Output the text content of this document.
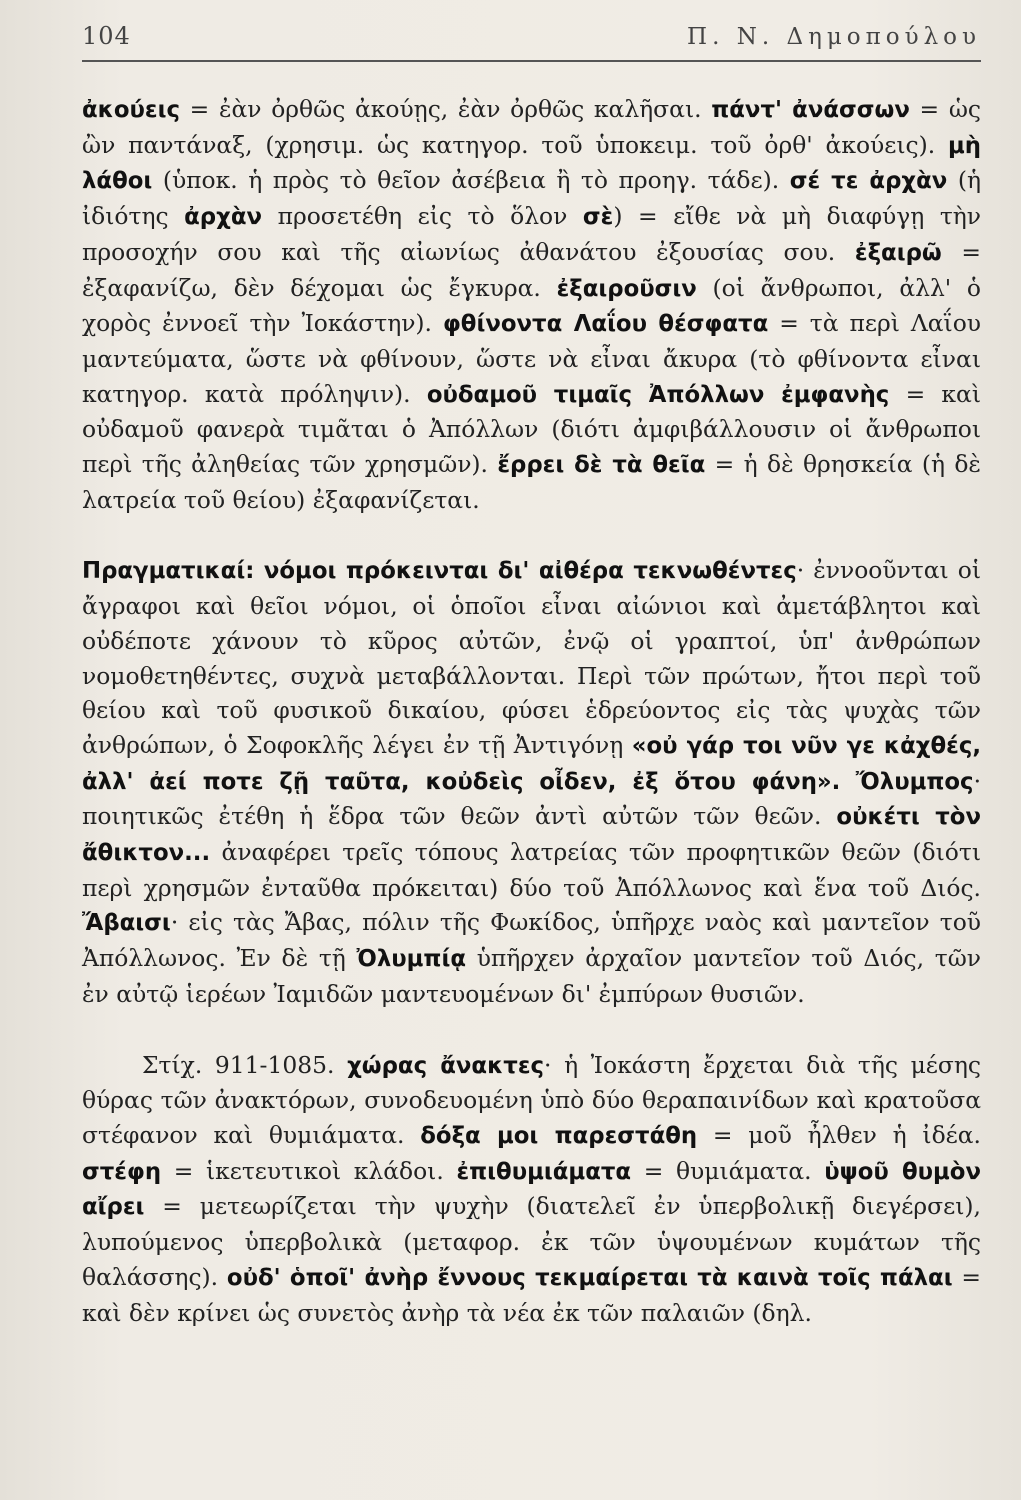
104	Π. Ν. Δημοπούλου

ἀκούεις = ἐὰν ὀρθῶς ἀκούῃς, ἐὰν ὀρθῶς καλῆσαι. πάντ' ἀνάσσων = ὡς ὢν παντάναξ, (χρησιμ. ὡς κατηγορ. τοῦ ὑποκειμ. τοῦ ὀρθ' ἀκούεις). μὴ λάθοι (ὑποκ. ἡ πρὸς τὸ θεῖον ἀσέβεια ἢ τὸ προηγ. τάδε). σέ τε ἀρχὰν (ἡ ἰδιότης ἀρχὰν προσετέθη εἰς τὸ ὅλον σὲ) = εἴθε νὰ μὴ διαφύγῃ τὴν προσοχήν σου καὶ τῆς αἰωνίως ἀθανάτου ἐξουσίας σου. ἐξαιρῶ = ἐξαφανίζω, δὲν δέχομαι ὡς ἔγκυρα. ἐξαιροῦσιν (οἱ ἄνθρωποι, ἀλλ' ὁ χορὸς ἐννοεῖ τὴν Ἰοκάστην). φθίνοντα Λαΐου θέσφατα = τὰ περὶ Λαΐου μαντεύματα, ὥστε νὰ φθίνουν, ὥστε νὰ εἶναι ἄκυρα (τὸ φθίνοντα εἶναι κατηγορ. κατὰ πρόληψιν). οὐδαμοῦ τιμαῖς Ἀπόλλων ἐμφανὴς = καὶ οὐδαμοῦ φανερὰ τιμᾶται ὁ Ἀπόλλων (διότι ἀμφιβάλλουσιν οἱ ἄνθρωποι περὶ τῆς ἀληθείας τῶν χρησμῶν). ἔρρει δὲ τὰ θεῖα = ἡ δὲ θρησκεία (ἡ δὲ λατρεία τοῦ θείου) ἐξαφανίζεται.

Πραγματικαί: νόμοι πρόκεινται δι' αἰθέρα τεκνωθέντες· ἐννοοῦνται οἱ ἄγραφοι καὶ θεῖοι νόμοι, οἱ ὁποῖοι εἶναι αἰώνιοι καὶ ἀμετάβλητοι καὶ οὐδέποτε χάνουν τὸ κῦρος αὐτῶν, ἐνῷ οἱ γραπτοί, ὑπ' ἀνθρώπων νομοθετηθέντες, συχνὰ μεταβάλλονται. Περὶ τῶν πρώτων, ἤτοι περὶ τοῦ θείου καὶ τοῦ φυσικοῦ δικαίου, φύσει ἑδρεύοντος εἰς τὰς ψυχὰς τῶν ἀνθρώπων, ὁ Σοφοκλῆς λέγει ἐν τῇ Ἀντιγόνῃ «οὐ γάρ τοι νῦν γε κἀχθές, ἀλλ' ἀεί ποτε ζῇ ταῦτα, κοὐδεὶς οἶδεν, ἐξ ὅτου φάνη». Ὄλυμπος· ποιητικῶς ἐτέθη ἡ ἕδρα τῶν θεῶν ἀντὶ αὐτῶν τῶν θεῶν. οὐκέτι τὸν ἄθικτον... ἀναφέρει τρεῖς τόπους λατρείας τῶν προφητικῶν θεῶν (διότι περὶ χρησμῶν ἐνταῦθα πρόκειται) δύο τοῦ Ἀπόλλωνος καὶ ἕνα τοῦ Διός. Ἄβαισι· εἰς τὰς Ἄβας, πόλιν τῆς Φωκίδος, ὑπῆρχε ναὸς καὶ μαντεῖον τοῦ Ἀπόλλωνος. Ἐν δὲ τῇ Ὀλυμπίᾳ ὑπῆρχεν ἀρχαῖον μαντεῖον τοῦ Διός, τῶν ἐν αὐτῷ ἱερέων Ἰαμιδῶν μαντευομένων δι' ἐμπύρων θυσιῶν.

Στίχ. 911-1085. χώρας ἄνακτες· ἡ Ἰοκάστη ἔρχεται διὰ τῆς μέσης θύρας τῶν ἀνακτόρων, συνοδευομένη ὑπὸ δύο θεραπαινίδων καὶ κρατοῦσα στέφανον καὶ θυμιάματα. δόξα μοι παρεστάθη = μοῦ ἦλθεν ἡ ἰδέα. στέφη = ἱκετευτικοὶ κλάδοι. ἐπιθυμιάματα = θυμιάματα. ὑψοῦ θυμὸν αἴρει = μετεωρίζεται τὴν ψυχὴν (διατελεῖ ἐν ὑπερβολικῇ διεγέρσει), λυπούμενος ὑπερβολικὰ (μεταφορ. ἐκ τῶν ὑψουμένων κυμάτων τῆς θαλάσσης). οὐδ' ὁποῖ' ἀνὴρ ἔννους τεκμαίρεται τὰ καινὰ τοῖς πάλαι = καὶ δὲν κρίνει ὡς συνετὸς ἀνὴρ τὰ νέα ἐκ τῶν παλαιῶν (δηλ.
